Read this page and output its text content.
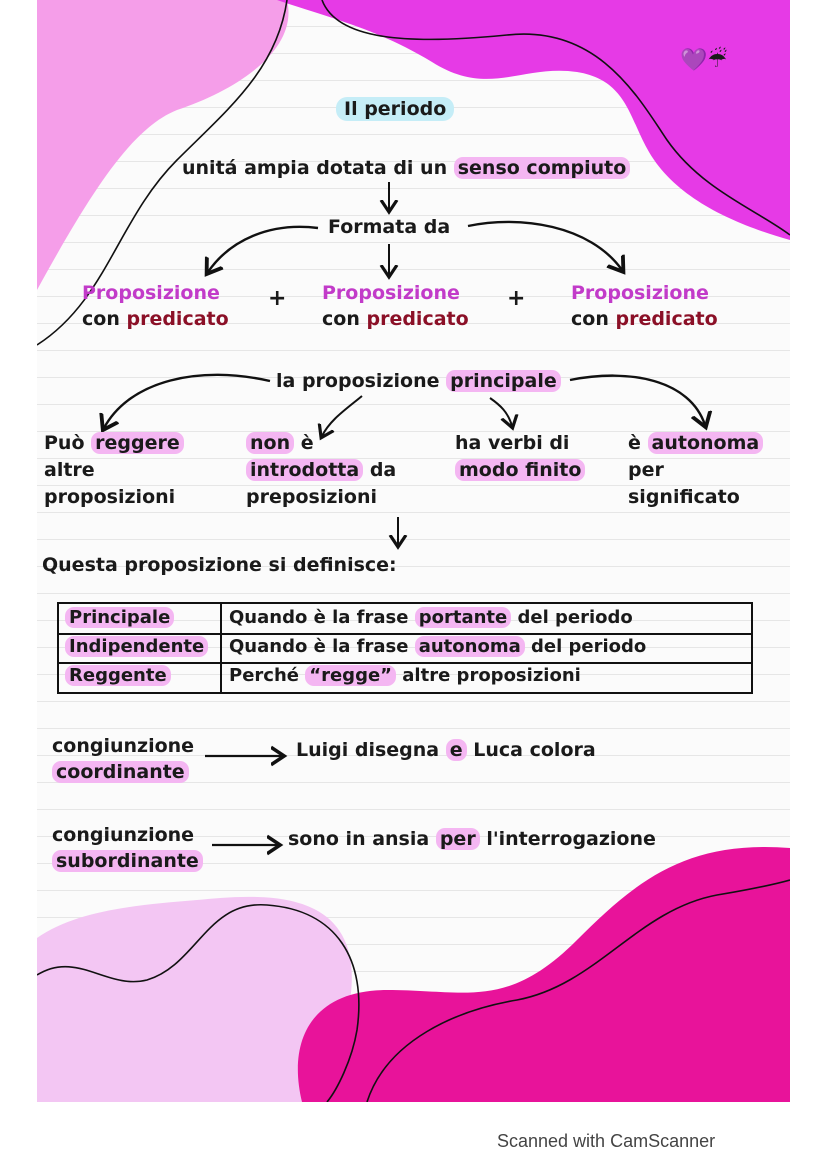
💜☔
Il periodo
unitá ampia dotata di un senso compiuto
Formata da
Proposizione
con predicato
+ Proposizione
con predicato
+ Proposizione
con predicato
la proposizione principale
Può reggere
altre
proposizioni
non è
introdotta da
preposizioni
ha verbi di
modo finito
è autonoma
per
significato
Questa proposizione si definisce:
Principale	Quando è la frase portante del periodo
Indipendente Quando è la frase autonoma del periodo
Reggente	Perché “regge” altre proposizioni
congiunzione
coordinante
Luigi disegna e Luca colora
congiunzione
subordinante
sono in ansia per l'interrogazione
Scanned with CamScanner
